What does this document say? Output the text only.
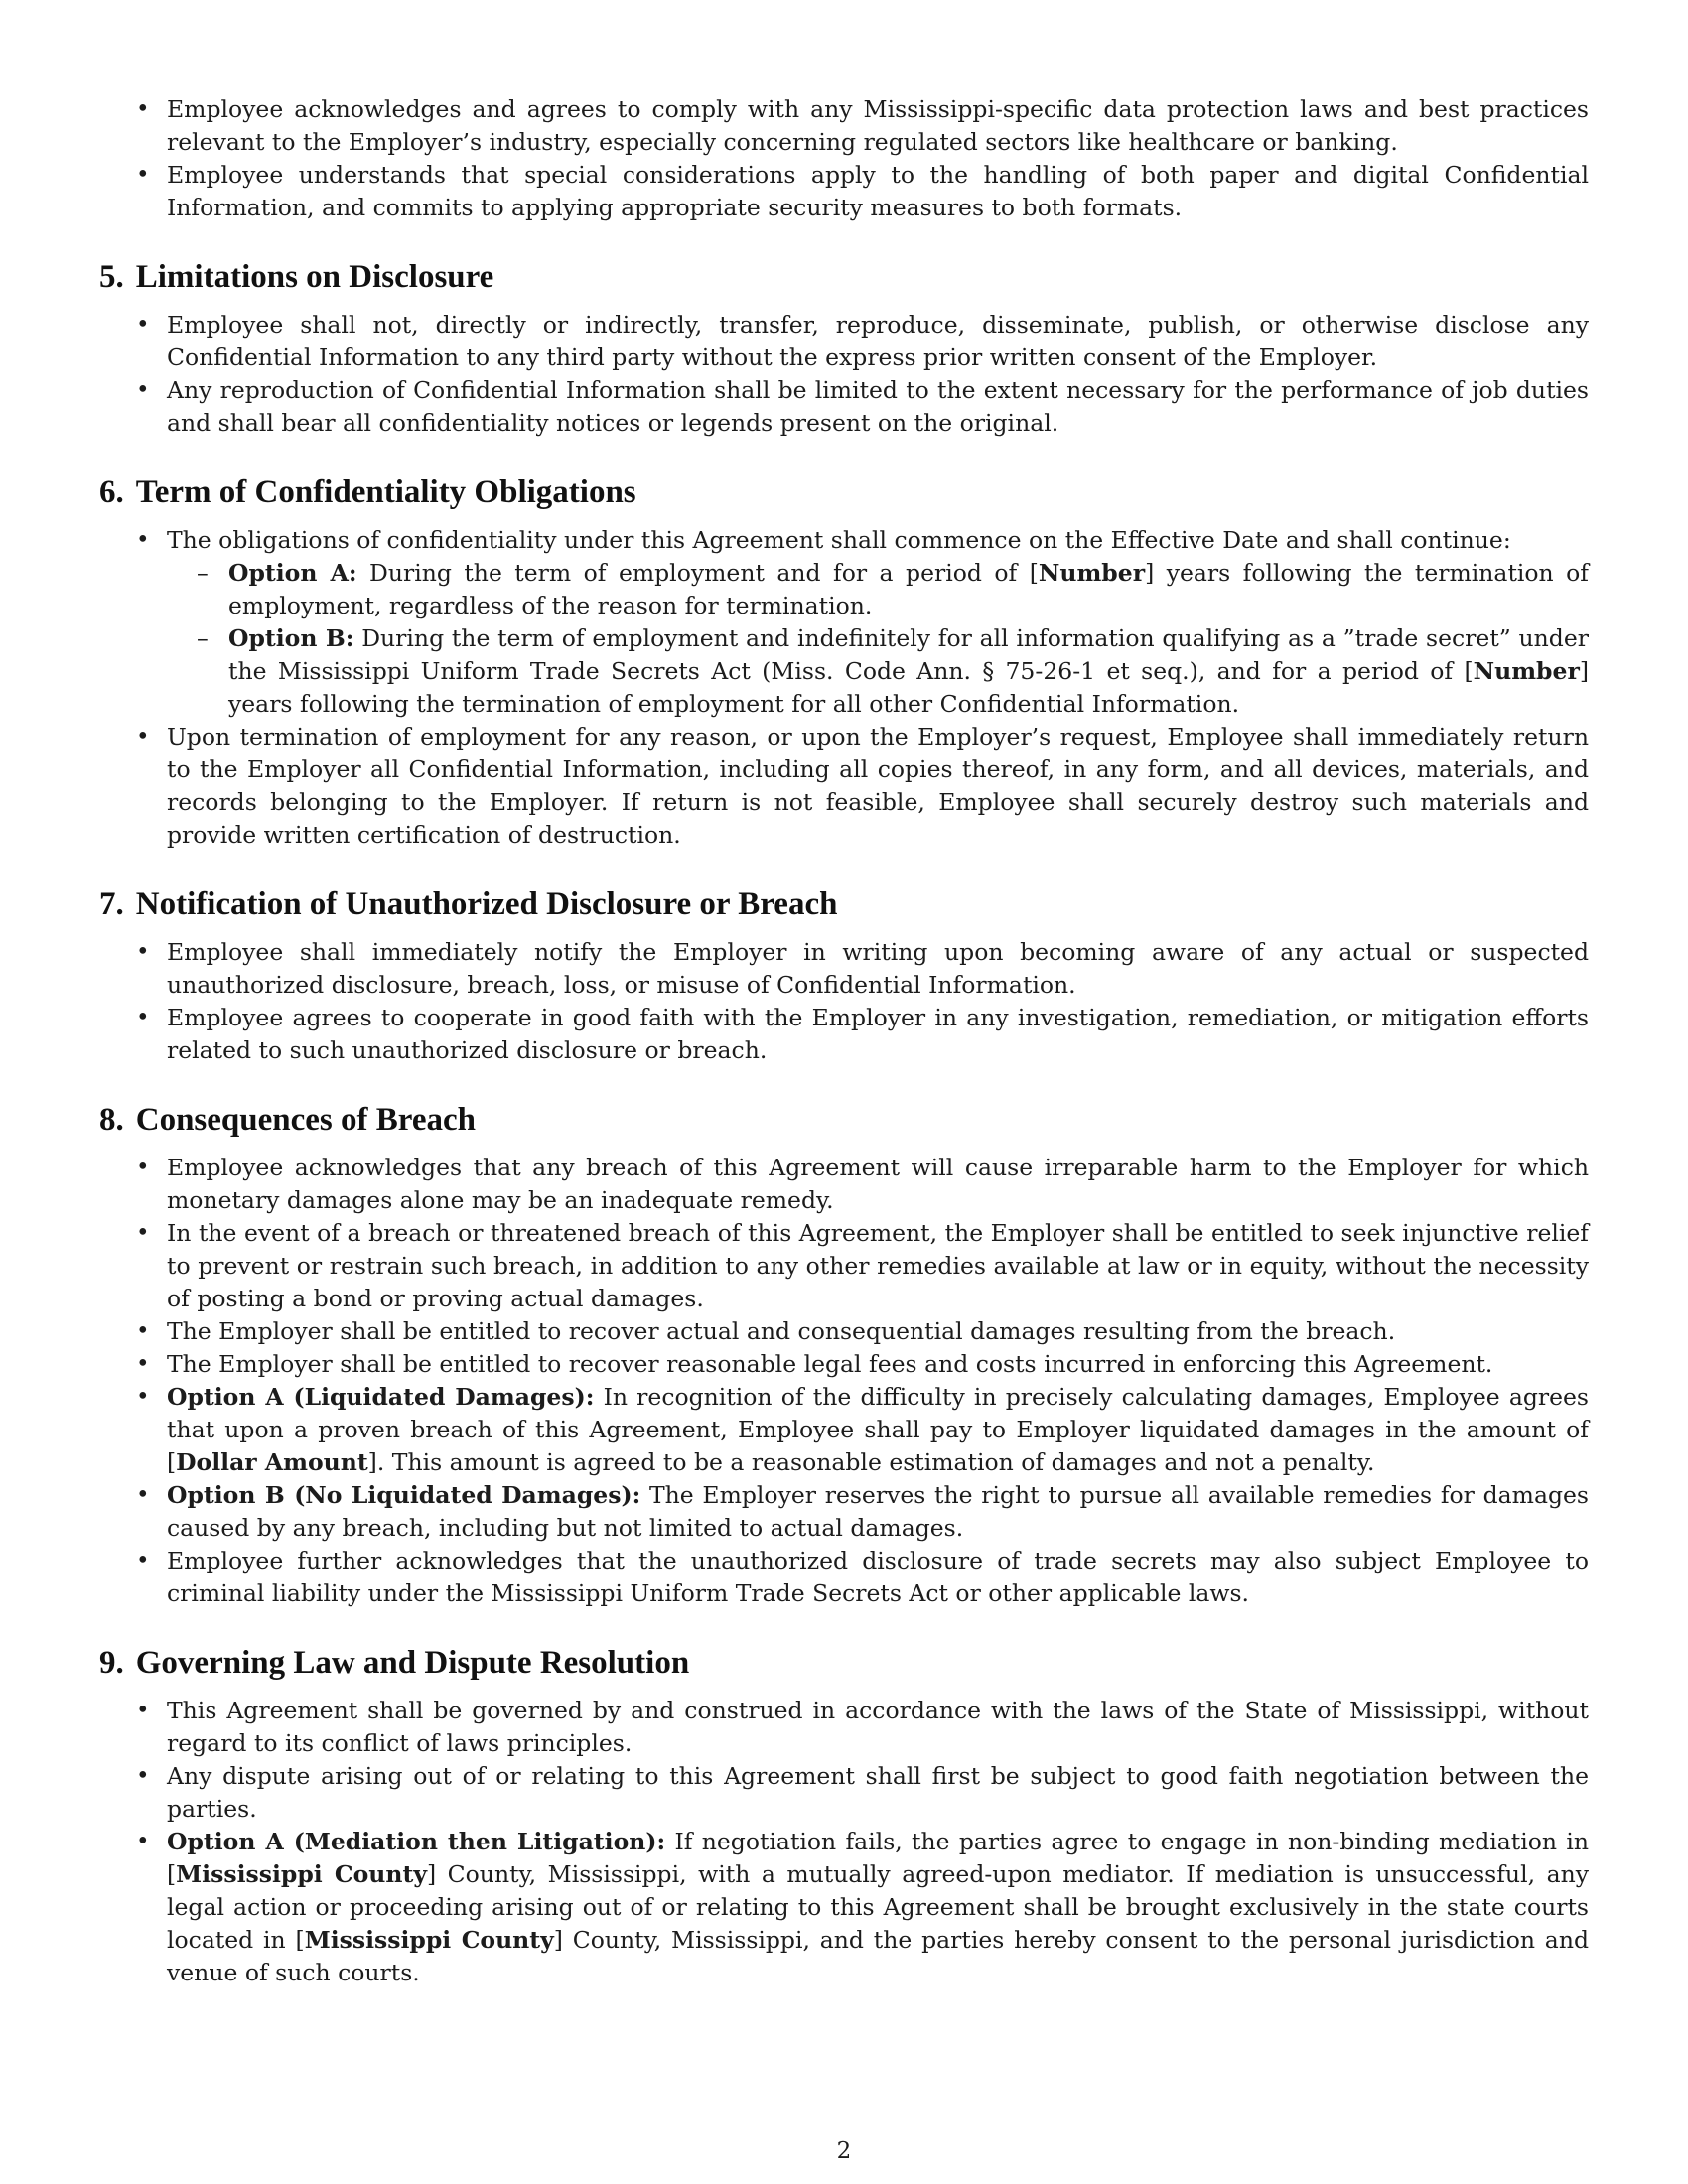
• Employee acknowledges and agrees to comply with any Mississippi-specific data protection laws and best practices relevant to the Employer’s industry, especially concerning regulated sectors like healthcare or banking.
• Employee understands that special considerations apply to the handling of both paper and digital Confidential Information, and commits to applying appropriate security measures to both formats.
5. Limitations on Disclosure
• Employee shall not, directly or indirectly, transfer, reproduce, disseminate, publish, or otherwise disclose any Confidential Information to any third party without the express prior written consent of the Employer.
• Any reproduction of Confidential Information shall be limited to the extent necessary for the performance of job duties and shall bear all confidentiality notices or legends present on the original.
6. Term of Confidentiality Obligations
• The obligations of confidentiality under this Agreement shall commence on the Effective Date and shall continue:
– Option A: During the term of employment and for a period of [Number] years following the termination of employment, regardless of the reason for termination.
– Option B: During the term of employment and indefinitely for all information qualifying as a ”trade secret” under the Mississippi Uniform Trade Secrets Act (Miss. Code Ann. § 75-26-1 et seq.), and for a period of [Number] years following the termination of employment for all other Confidential Information.
• Upon termination of employment for any reason, or upon the Employer’s request, Employee shall immediately return to the Employer all Confidential Information, including all copies thereof, in any form, and all devices, materials, and records belonging to the Employer. If return is not feasible, Employee shall securely destroy such materials and provide written certification of destruction.
7. Notification of Unauthorized Disclosure or Breach
• Employee shall immediately notify the Employer in writing upon becoming aware of any actual or suspected unauthorized disclosure, breach, loss, or misuse of Confidential Information.
• Employee agrees to cooperate in good faith with the Employer in any investigation, remediation, or mitigation efforts related to such unauthorized disclosure or breach.
8. Consequences of Breach
• Employee acknowledges that any breach of this Agreement will cause irreparable harm to the Employer for which monetary damages alone may be an inadequate remedy.
• In the event of a breach or threatened breach of this Agreement, the Employer shall be entitled to seek injunctive relief to prevent or restrain such breach, in addition to any other remedies available at law or in equity, without the necessity of posting a bond or proving actual damages.
• The Employer shall be entitled to recover actual and consequential damages resulting from the breach.
• The Employer shall be entitled to recover reasonable legal fees and costs incurred in enforcing this Agreement.
• Option A (Liquidated Damages): In recognition of the difficulty in precisely calculating damages, Employee agrees that upon a proven breach of this Agreement, Employee shall pay to Employer liquidated damages in the amount of [Dollar Amount]. This amount is agreed to be a reasonable estimation of damages and not a penalty.
• Option B (No Liquidated Damages): The Employer reserves the right to pursue all available remedies for damages caused by any breach, including but not limited to actual damages.
• Employee further acknowledges that the unauthorized disclosure of trade secrets may also subject Employee to criminal liability under the Mississippi Uniform Trade Secrets Act or other applicable laws.
9. Governing Law and Dispute Resolution
• This Agreement shall be governed by and construed in accordance with the laws of the State of Mississippi, without regard to its conflict of laws principles.
• Any dispute arising out of or relating to this Agreement shall first be subject to good faith negotiation between the parties.
• Option A (Mediation then Litigation): If negotiation fails, the parties agree to engage in non-binding mediation in [Mississippi County] County, Mississippi, with a mutually agreed-upon mediator. If mediation is unsuccessful, any legal action or proceeding arising out of or relating to this Agreement shall be brought exclusively in the state courts located in [Mississippi County] County, Mississippi, and the parties hereby consent to the personal jurisdiction and venue of such courts.
2
